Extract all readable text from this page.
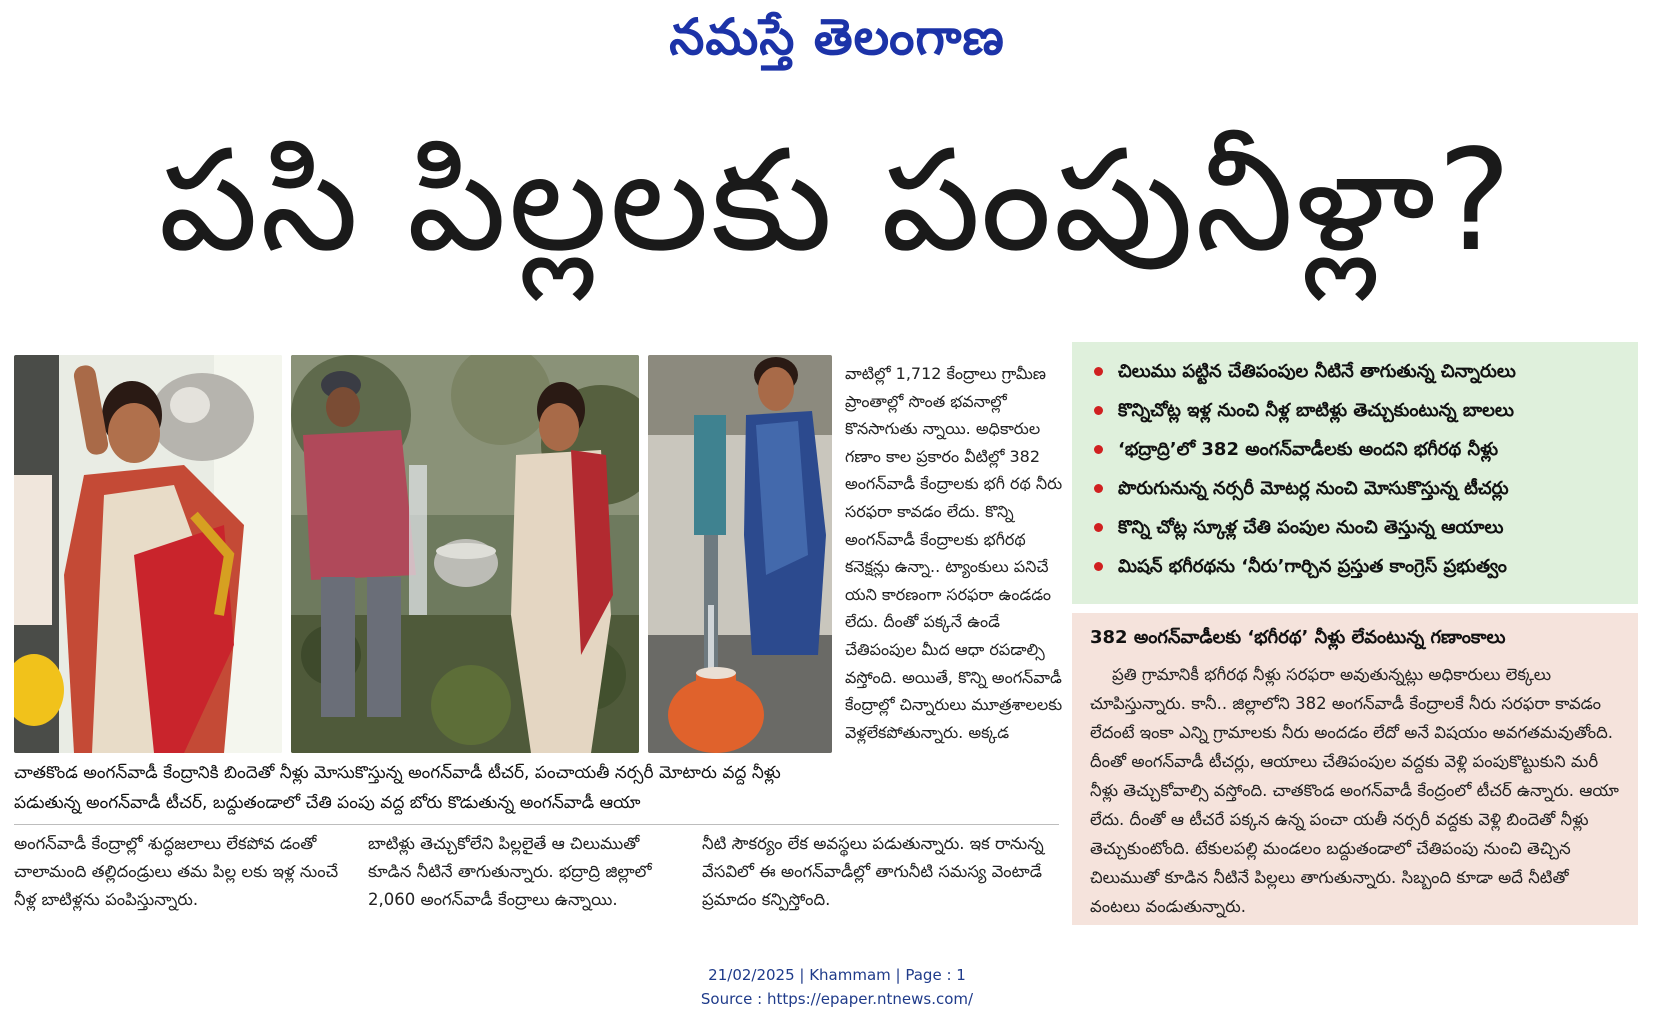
నమస్తే తెలంగాణ
పసి పిల్లలకు పంపునీళ్లా?
వాటిల్లో 1,712 కేంద్రాలు గ్రామీణ ప్రాంతాల్లో సొంత భవనాల్లో కొనసాగుతు న్నాయి. అధికారుల గణాం కాల ప్రకారం వీటిల్లో 382 అంగన్‌వాడీ కేంద్రాలకు భగీ రథ నీరు సరఫరా కావడం లేదు. కొన్ని అంగన్‌వాడీ కేంద్రాలకు భగీరథ కనెక్షన్లు ఉన్నా.. ట్యాంకులు పనిచే యని కారణంగా సరఫరా ఉండడం లేదు. దీంతో పక్కనే ఉండే చేతిపంపుల మీద ఆధా రపడాల్సి వస్తోంది. అయితే, కొన్ని అంగన్‌వాడీ కేంద్రాల్లో చిన్నారులు మూత్రశాలలకు వెళ్లలేకపోతున్నారు. అక్కడ
చాతకొండ అంగన్‌వాడీ కేంద్రానికి బిందెతో నీళ్లు మోసుకొస్తున్న అంగన్‌వాడీ టీచర్, పంచాయతీ నర్సరీ మోటారు వద్ద నీళ్లు పడుతున్న అంగన్‌వాడీ టీచర్, బద్దుతండాలో చేతి పంపు వద్ద బోరు కొడుతున్న అంగన్‌వాడీ ఆయా
అంగన్‌వాడీ కేంద్రాల్లో శుద్ధజలాలు లేకపోవ డంతో చాలామంది తల్లిదండ్రులు తమ పిల్ల లకు ఇళ్ల నుంచే నీళ్ల బాటిళ్లను పంపిస్తున్నారు.
బాటిళ్లు తెచ్చుకోలేని పిల్లలైతే ఆ చిలుముతో కూడిన నీటినే తాగుతున్నారు. భద్రాద్రి జిల్లాలో 2,060 అంగన్‌వాడీ కేంద్రాలు ఉన్నాయి.
నీటి సౌకర్యం లేక అవస్థలు పడుతున్నారు. ఇక రానున్న వేసవిలో ఈ అంగన్‌వాడీల్లో తాగునీటి సమస్య వెంటాడే ప్రమాదం కన్పిస్తోంది.
చిలుము పట్టిన చేతిపంపుల నీటినే తాగుతున్న చిన్నారులు
కొన్నిచోట్ల ఇళ్ల నుంచి నీళ్ల బాటిళ్లు తెచ్చుకుంటున్న బాలలు
‘భద్రాద్రి’లో 382 అంగన్‌వాడీలకు అందని భగీరథ నీళ్లు
పొరుగునున్న నర్సరీ మోటర్ల నుంచి మోసుకొస్తున్న టీచర్లు
కొన్ని చోట్ల స్కూళ్ల చేతి పంపుల నుంచి తెస్తున్న ఆయాలు
మిషన్ భగీరథను ‘నీరు’గార్చిన ప్రస్తుత కాంగ్రెస్ ప్రభుత్వం
382 అంగన్‌వాడీలకు ‘భగీరథ’ నీళ్లు లేవంటున్న గణాంకాలు
ప్రతి గ్రామానికీ భగీరథ నీళ్లు సరఫరా అవుతున్నట్లు అధికారులు లెక్కలు చూపిస్తున్నారు. కానీ.. జిల్లాలోని 382 అంగన్‌వాడీ కేంద్రాలకే నీరు సరఫరా కావడం లేదంటే ఇంకా ఎన్ని గ్రామాలకు నీరు అందడం లేదో అనే విషయం అవగతమవుతోంది. దీంతో అంగన్‌వాడీ టీచర్లు, ఆయాలు చేతిపంపుల వద్దకు వెళ్లి పంపుకొట్టుకుని మరీ నీళ్లు తెచ్చుకోవాల్సి వస్తోంది. చాతకొండ అంగన్‌వాడీ కేంద్రంలో టీచర్ ఉన్నారు. ఆయా లేదు. దీంతో ఆ టీచరే పక్కన ఉన్న పంచా యతీ నర్సరీ వద్దకు వెళ్లి బిందెతో నీళ్లు తెచ్చుకుంటోంది. టేకులపల్లి మండలం బద్దుతండాలో చేతిపంపు నుంచి తెచ్చిన చిలుముతో కూడిన నీటినే పిల్లలు తాగుతున్నారు. సిబ్బంది కూడా అదే నీటితో వంటలు వండుతున్నారు.
21/02/2025 | Khammam | Page : 1
Source : https://epaper.ntnews.com/
